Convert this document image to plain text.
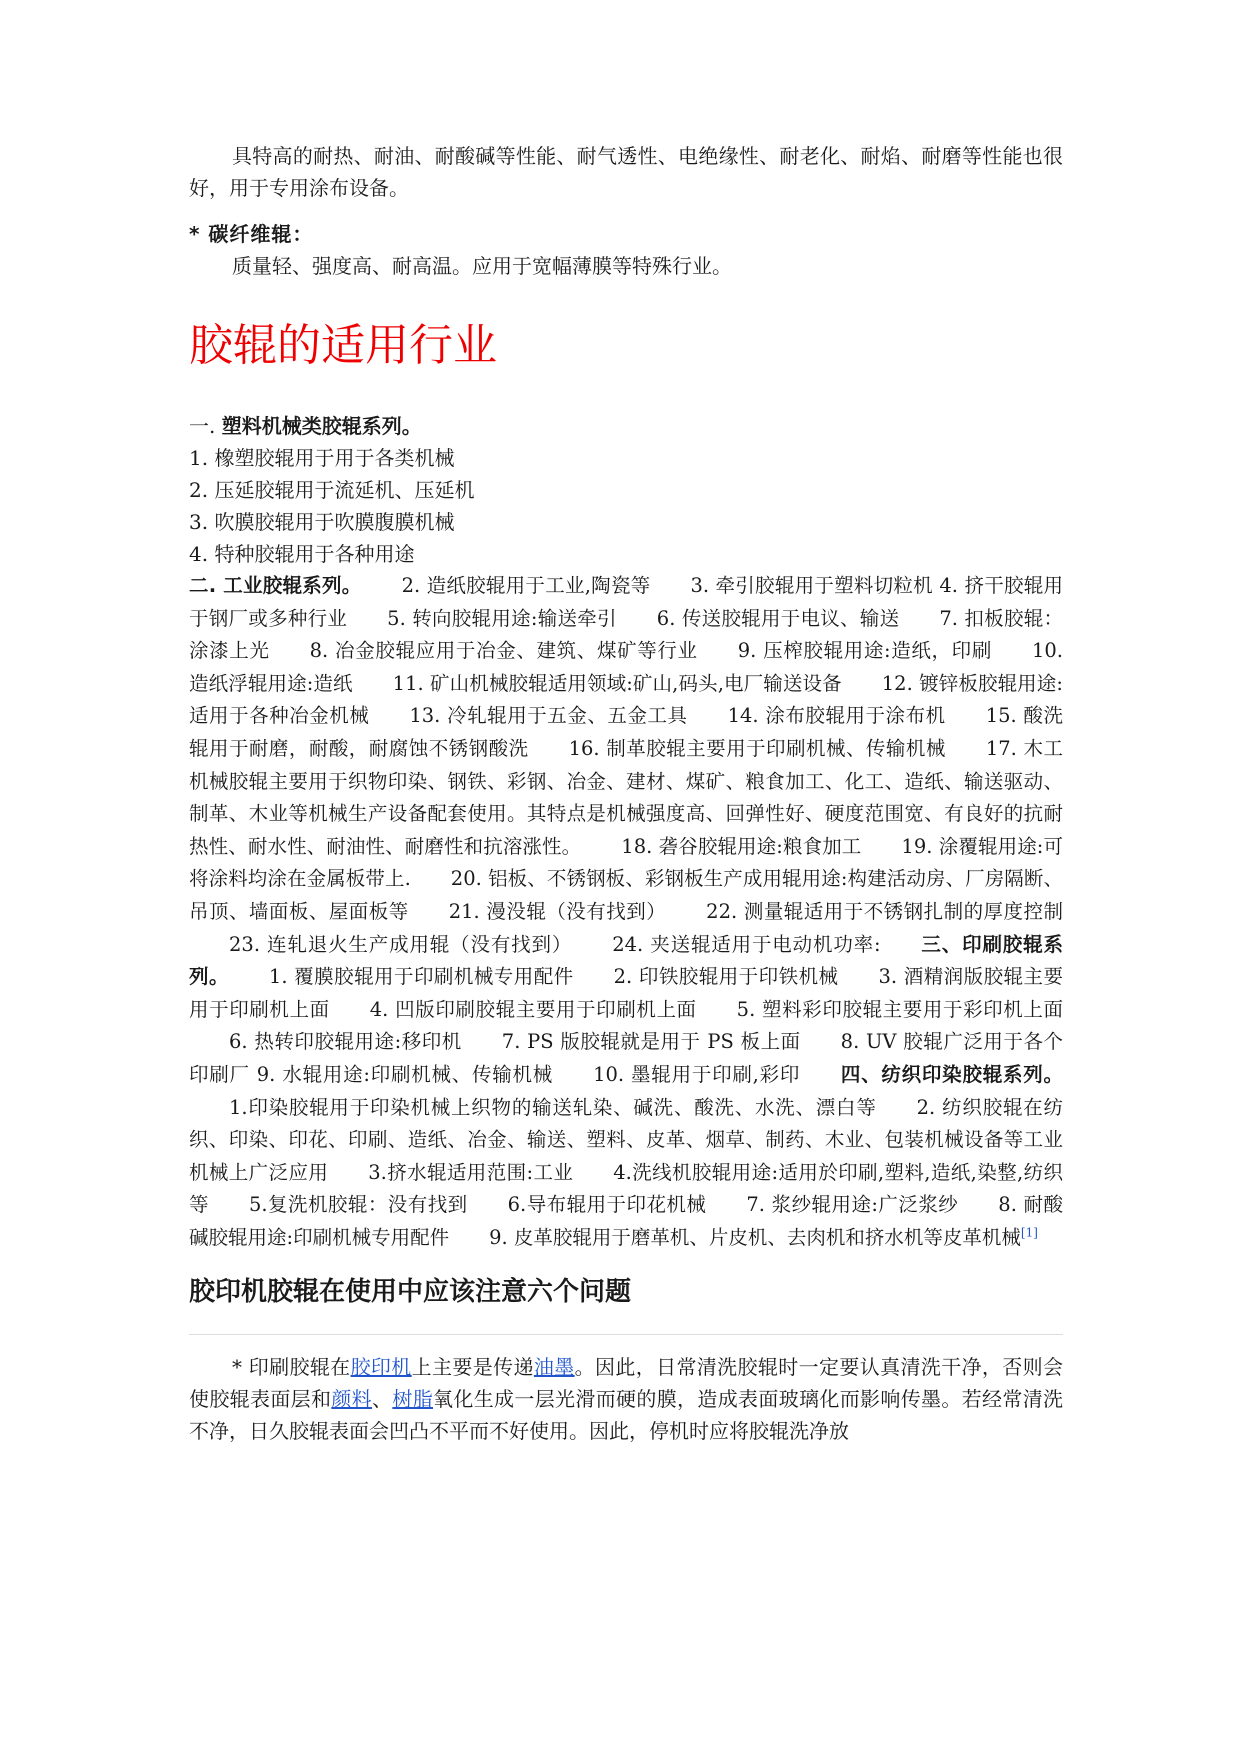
具特高的耐热、耐油、耐酸碱等性能、耐气透性、电绝缘性、耐老化、耐焰、耐磨等性能也很好，用于专用涂布设备。

* 碳纤维辊：

质量轻、强度高、耐高温。应用于宽幅薄膜等特殊行业。

胶辊的适用行业

一. 塑料机械类胶辊系列。

1. 橡塑胶辊用于用于各类机械

2. 压延胶辊用于流延机、压延机

3. 吹膜胶辊用于吹膜腹膜机械

4. 特种胶辊用于各种用途

二. 工业胶辊系列。 2. 造纸胶辊用于工业,陶瓷等 3. 牵引胶辊用于塑料切粒机 4. 挤干胶辊用于钢厂或多种行业 5. 转向胶辊用途:输送牵引 6. 传送胶辊用于电议、输送 7. 扣板胶辊：涂漆上光 8. 冶金胶辊应用于冶金、建筑、煤矿等行业 9. 压榨胶辊用途:造纸，印刷 10. 造纸浮辊用途:造纸 11. 矿山机械胶辊适用领域:矿山,码头,电厂输送设备 12. 镀锌板胶辊用途:适用于各种冶金机械 13. 冷轧辊用于五金、五金工具 14. 涂布胶辊用于涂布机 15. 酸洗辊用于耐磨，耐酸，耐腐蚀不锈钢酸洗 16. 制革胶辊主要用于印刷机械、传输机械 17. 木工机械胶辊主要用于织物印染、钢铁、彩钢、冶金、建材、煤矿、粮食加工、化工、造纸、输送驱动、制革、木业等机械生产设备配套使用。其特点是机械强度高、回弹性好、硬度范围宽、有良好的抗耐热性、耐水性、耐油性、耐磨性和抗溶涨性。 18. 砻谷胶辊用途:粮食加工 19. 涂覆辊用途:可将涂料均涂在金属板带上. 20. 铝板、不锈钢板、彩钢板生产成用辊用途:构建活动房、厂房隔断、吊顶、墙面板、屋面板等 21. 漫没辊（没有找到） 22. 测量辊适用于不锈钢扎制的厚度控制23. 连轧退火生产成用辊（没有找到） 24. 夹送辊适用于电动机功率: 三、印刷胶辊系列。 1. 覆膜胶辊用于印刷机械专用配件 2. 印铁胶辊用于印铁机械 3. 酒精润版胶辊主要用于印刷机上面 4. 凹版印刷胶辊主要用于印刷机上面 5. 塑料彩印胶辊主要用于彩印机上面6. 热转印胶辊用途:移印机 7. PS 版胶辊就是用于 PS 板上面 8. UV 胶辊广泛用于各个印刷厂 9. 水辊用途:印刷机械、传输机械 10. 墨辊用于印刷,彩印 四、纺织印染胶辊系列。1.印染胶辊用于印染机械上织物的输送轧染、碱洗、酸洗、水洗、漂白等 2. 纺织胶辊在纺织、印染、印花、印刷、造纸、冶金、输送、塑料、皮革、烟草、制药、木业、包装机械设备等工业机械上广泛应用 3.挤水辊适用范围:工业 4.洗线机胶辊用途:适用於印刷,塑料,造纸,染整,纺织等 5.复洗机胶辊：没有找到 6.导布辊用于印花机械 7. 浆纱辊用途:广泛浆纱 8. 耐酸碱胶辊用途:印刷机械专用配件 9. 皮革胶辊用于磨革机、片皮机、去肉机和挤水机等皮革机械[1]

胶印机胶辊在使用中应该注意六个问题

* 印刷胶辊在胶印机上主要是传递油墨。因此，日常清洗胶辊时一定要认真清洗干净，否则会使胶辊表面层和颜料、树脂氧化生成一层光滑而硬的膜，造成表面玻璃化而影响传墨。若经常清洗不净，日久胶辊表面会凹凸不平而不好使用。因此，停机时应将胶辊洗净放
